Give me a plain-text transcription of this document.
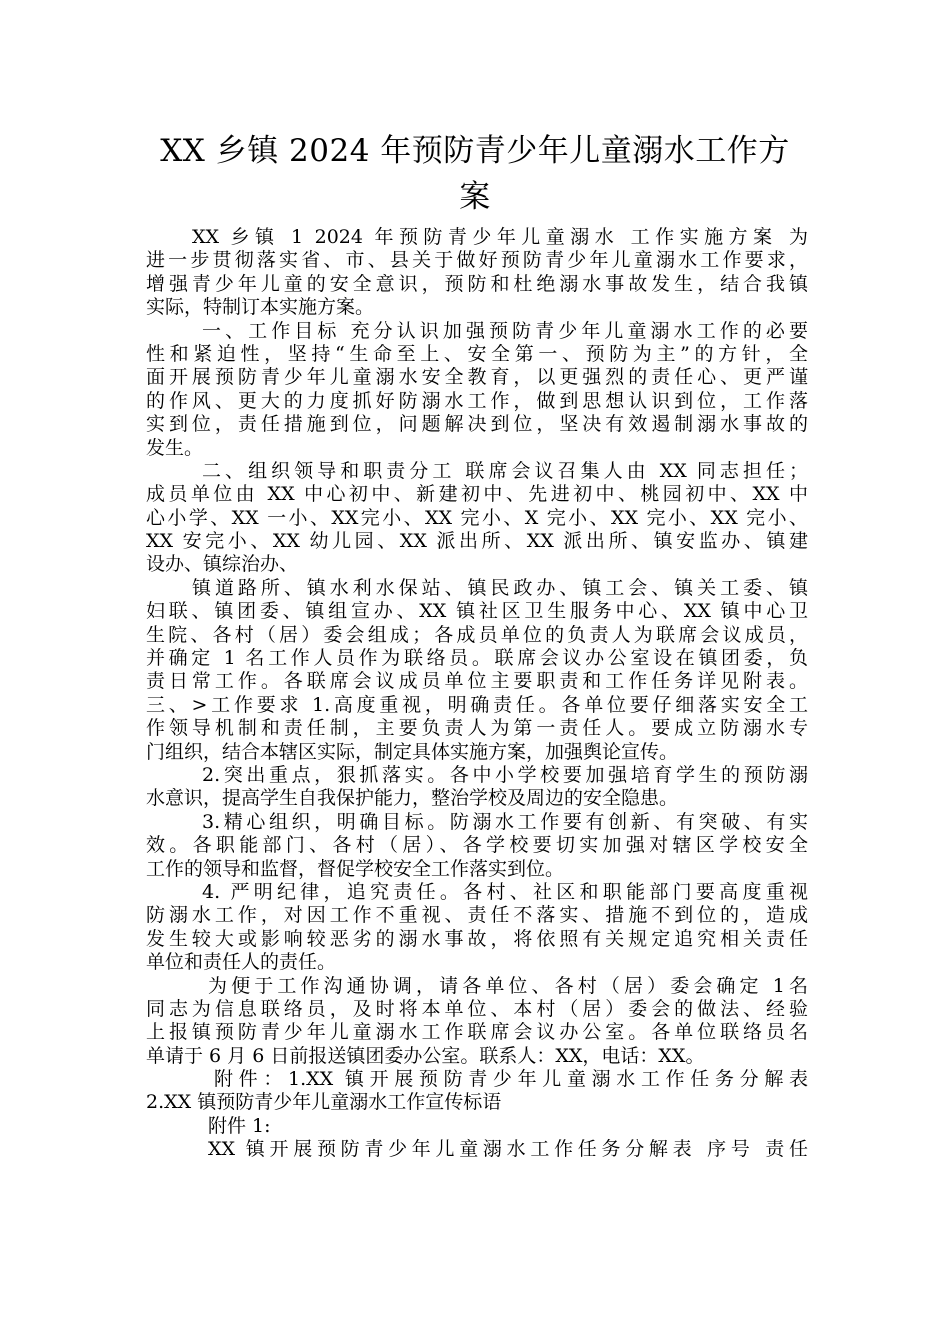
XX 乡镇 2024 年预防青少年儿童溺水工作方
案
XX 乡镇 1 2024 年预防青少年儿童溺水 工作实施方案 为
进一步贯彻落实省、市、县关于做好预防青少年儿童溺水工作要求，
增强青少年儿童的安全意识，预防和杜绝溺水事故发生，结合我镇
实际，特制订本实施方案。
一、工作目标 充分认识加强预防青少年儿童溺水工作的必要
性和紧迫性，坚持“生命至上、安全第一、预防为主”的方针，全
面开展预防青少年儿童溺水安全教育，以更强烈的责任心、更严谨
的作风、更大的力度抓好防溺水工作，做到思想认识到位，工作落
实到位，责任措施到位，问题解决到位，坚决有效遏制溺水事故的
发生。
二、组织领导和职责分工 联席会议召集人由 XX 同志担任；
成员单位由 XX 中心初中、新建初中、先进初中、桃园初中、XX 中
心小学、XX 一小、XX完小、XX 完小、X 完小、XX 完小、XX 完小、
XX 安完小、XX 幼儿园、XX 派出所、XX 派出所、镇安监办、镇建
设办、镇综治办、
镇道路所、镇水利水保站、镇民政办、镇工会、镇关工委、镇
妇联、镇团委、镇组宣办、XX 镇社区卫生服务中心、XX 镇中心卫
生院、各村（居）委会组成；各成员单位的负责人为联席会议成员，
并确定 1 名工作人员作为联络员。联席会议办公室设在镇团委，负
责日常工作。各联席会议成员单位主要职责和工作任务详见附表。
三、>工作要求 1.高度重视，明确责任。各单位要仔细落实安全工
作领导机制和责任制，主要负责人为第一责任人。要成立防溺水专
门组织，结合本辖区实际，制定具体实施方案，加强舆论宣传。
2.突出重点，狠抓落实。各中小学校要加强培育学生的预防溺
水意识，提高学生自我保护能力，整治学校及周边的安全隐患。
3.精心组织，明确目标。防溺水工作要有创新、有突破、有实
效。各职能部门、各村（居）、各学校要切实加强对辖区学校安全
工作的领导和监督，督促学校安全工作落实到位。
4. 严明纪律，追究责任。各村、社区和职能部门要高度重视
防溺水工作，对因工作不重视、责任不落实、措施不到位的，造成
发生较大或影响较恶劣的溺水事故，将依照有关规定追究相关责任
单位和责任人的责任。
为便于工作沟通协调，请各单位、各村（居）委会确定 1名
同志为信息联络员，及时将本单位、本村（居）委会的做法、经验
上报镇预防青少年儿童溺水工作联席会议办公室。各单位联络员名
单请于 6 月 6 日前报送镇团委办公室。联系人：XX，电话：XX。
附件：1.XX 镇开展预防青少年儿童溺水工作任务分解表
2.XX 镇预防青少年儿童溺水工作宣传标语
附件 1:
XX 镇开展预防青少年儿童溺水工作任务分解表 序号 责任
